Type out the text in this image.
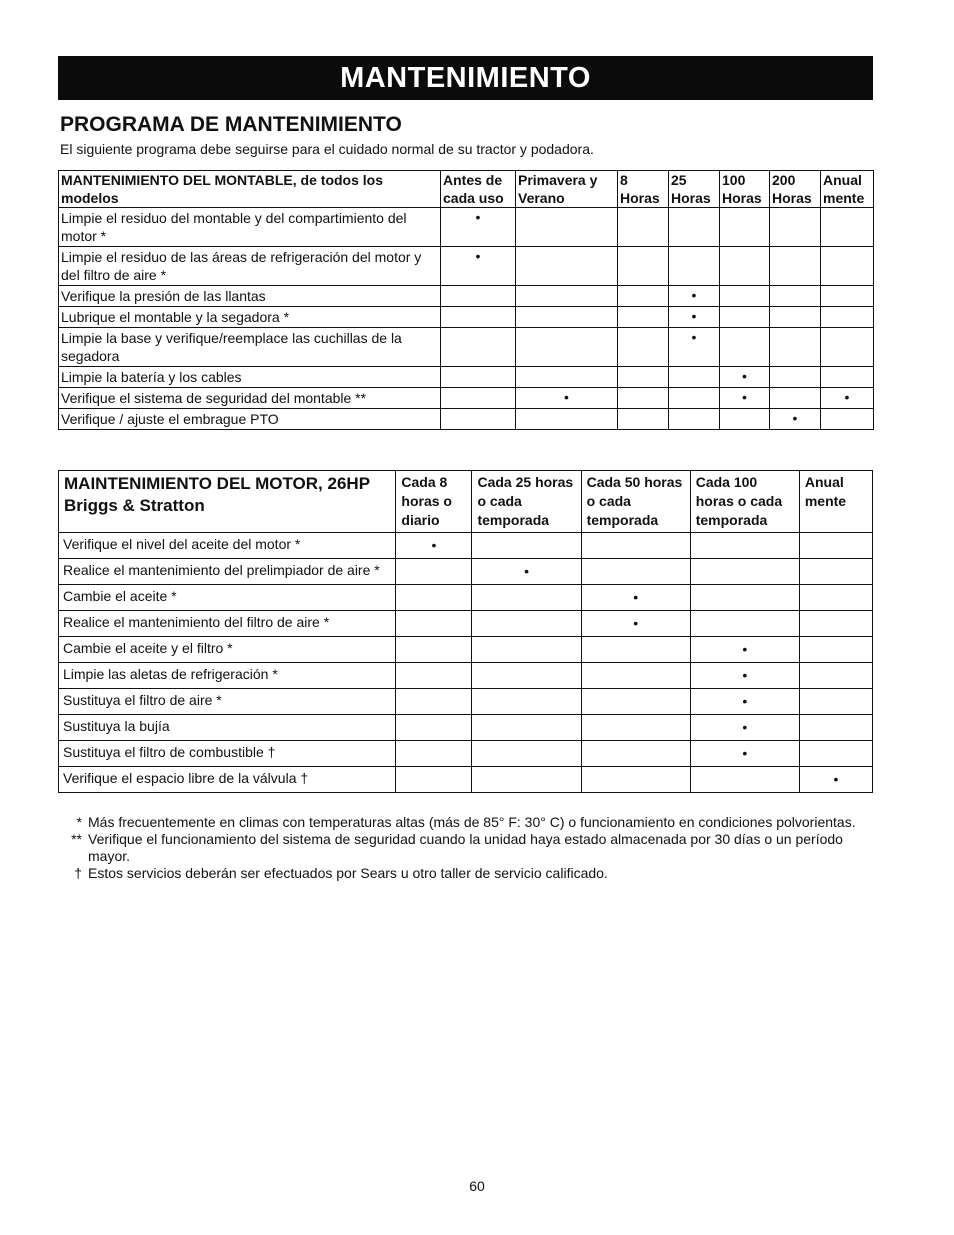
MANTENIMIENTO
PROGRAMA DE MANTENIMIENTO
El siguiente programa debe seguirse para el cuidado normal de su tractor y podadora.
MANTENIMIENTO DEL MONTABLE, de todos los modelos	Antes de cada uso	Primavera y Verano	8 Horas	25 Horas	100 Horas	200 Horas	Anual mente
Limpie el residuo del montable y del compartimiento del motor *	•						
Limpie el residuo de las áreas de refrigeración del motor y del filtro de aire *	•						
Verifique la presión de las llantas				•			
Lubrique el montable y la segadora *				•			
Limpie la base y verifique/reemplace las cuchillas de la segadora				•			
Limpie la batería y los cables					•		
Verifique el sistema de seguridad del montable **		•			•		•
Verifique / ajuste el embrague PTO						•	
MAINTENIMIENTO DEL MOTOR, 26HP Briggs & Stratton	Cada 8 horas o diario	Cada 25 horas o cada temporada	Cada 50 horas o cada temporada	Cada 100 horas o cada temporada	Anual mente
Verifique el nivel del aceite del motor *	•				
Realice el mantenimiento del prelimpiador de aire *		•			
Cambie el aceite *			•		
Realice el mantenimiento del filtro de aire *			•		
Cambie el aceite y el filtro *				•	
Limpie las aletas de refrigeración *				•	
Sustituya el filtro de aire *				•	
Sustituya la bujía				•	
Sustituya el filtro de combustible †				•	
Verifique el espacio libre de la válvula †					•
* Más frecuentemente en climas con temperaturas altas (más de 85° F: 30° C) o funcionamiento en condiciones polvorientas.
** Verifique el funcionamiento del sistema de seguridad cuando la unidad haya estado almacenada por 30 días o un período mayor.
† Estos servicios deberán ser efectuados por Sears u otro taller de servicio calificado.
60
